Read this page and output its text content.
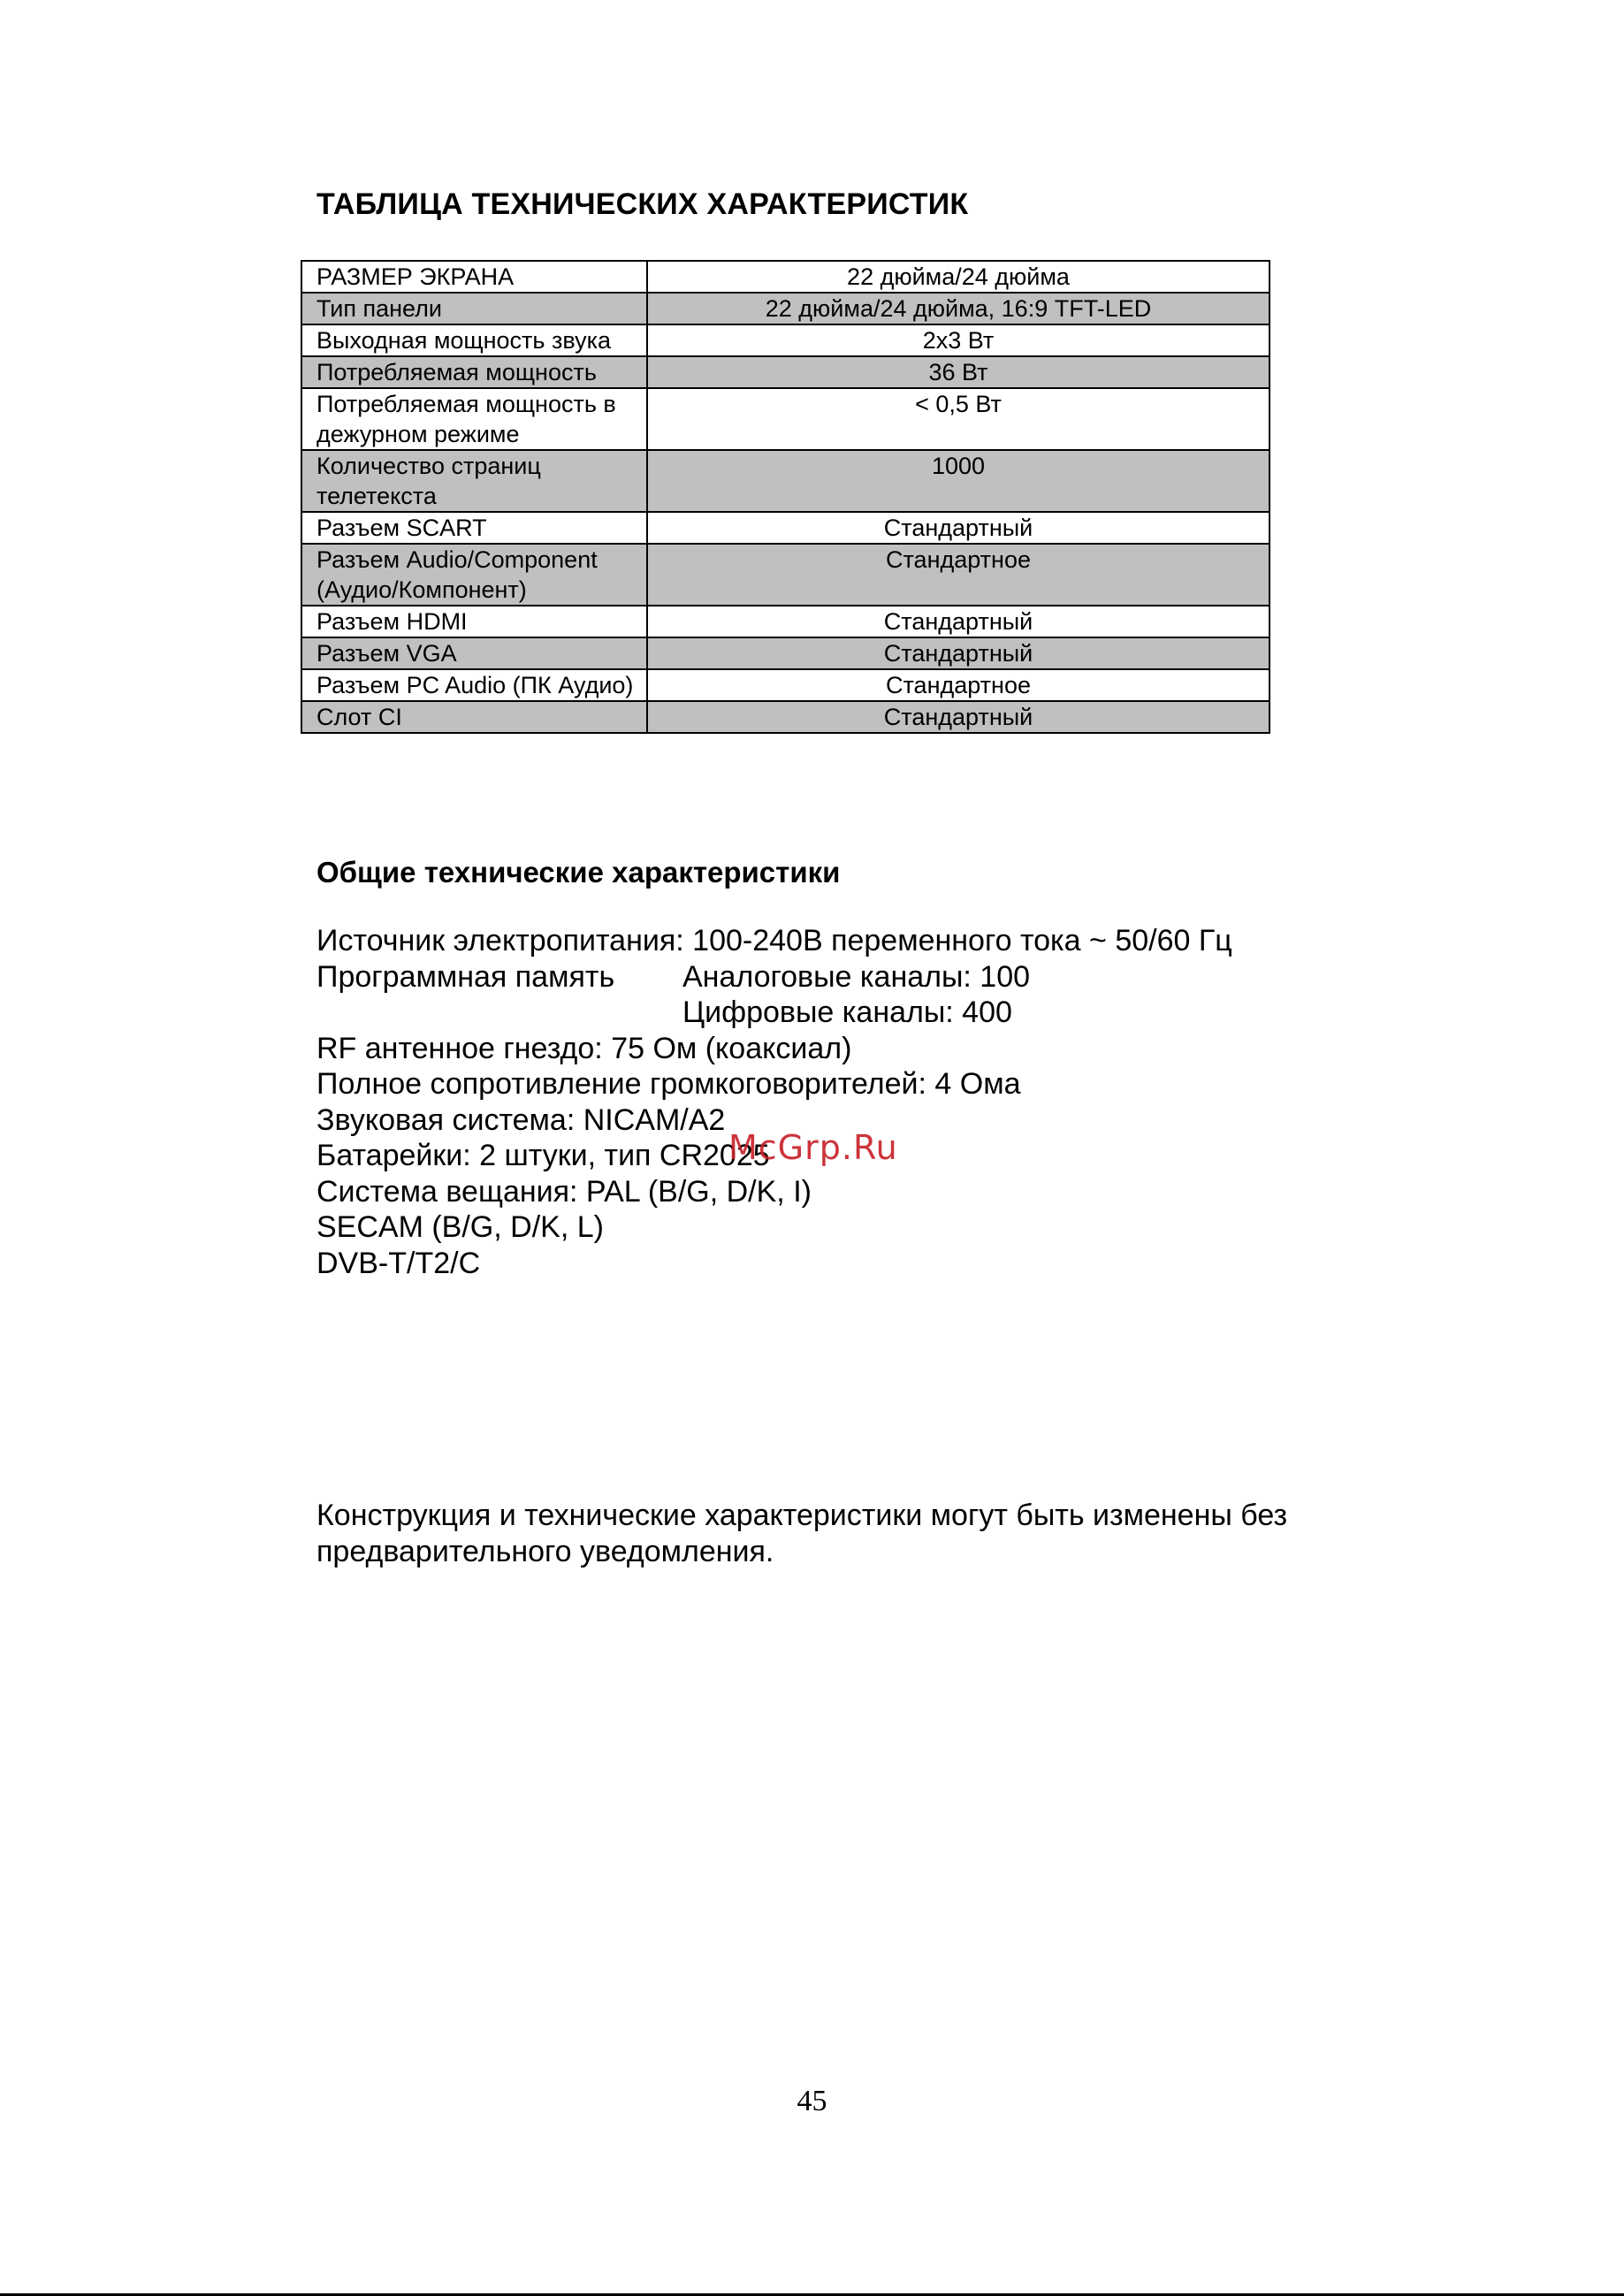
ТАБЛИЦА ТЕХНИЧЕСКИХ ХАРАКТЕРИСТИК
РАЗМЕР ЭКРАНА	22 дюйма/24 дюйма
Тип панели	22 дюйма/24 дюйма, 16:9 TFT-LED
Выходная мощность звука	2х3 Вт
Потребляемая мощность	36 Вт
Потребляемая мощность в дежурном режиме	< 0,5 Вт
Количество страниц телетекста	1000
Разъем SCART	Стандартный
Разъем Audio/Component (Аудио/Компонент)	Стандартное
Разъем HDMI	Стандартный
Разъем VGA	Стандартный
Разъем PC Audio (ПК Аудио)	Стандартное
Слот CI	Стандартный
Общие технические характеристики
Источник электропитания: 100-240В переменного тока ~ 50/60 Гц
Программная память Аналоговые каналы: 100
Цифровые каналы: 400
RF антенное гнездо: 75 Ом (коаксиал)
Полное сопротивление громкоговорителей: 4 Ома
Звуковая система: NICAM/A2
Батарейки: 2 штуки, тип CR2025
Система вещания: PAL (B/G, D/K, I)
SECAM (B/G, D/K, L)
DVB-T/T2/C
McGrp.Ru
Конструкция и технические характеристики могут быть изменены без
предварительного уведомления.
45
